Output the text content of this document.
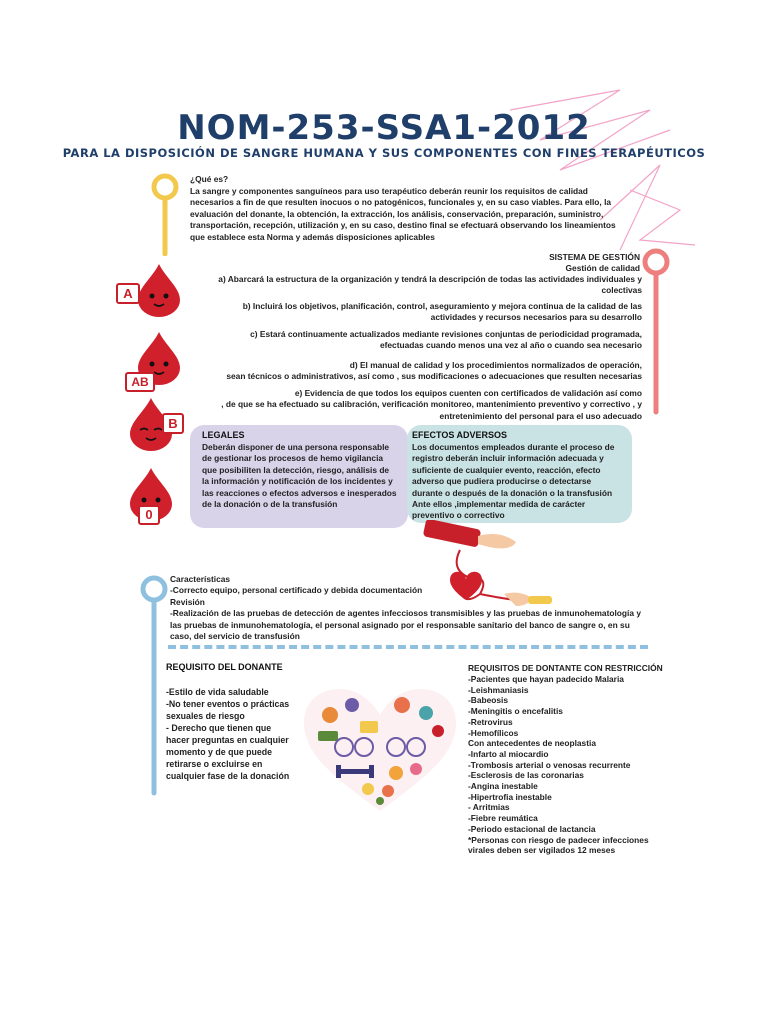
NOM-253-SSA1-2012
PARA LA DISPOSICIÓN DE SANGRE HUMANA Y SUS COMPONENTES CON FINES TERAPÉUTICOS
¿Qué es?
La sangre y componentes sanguíneos para uso terapéutico deberán reunir los requisitos de calidad
necesarios a fin de que resulten inocuos o no patogénicos, funcionales y, en su caso viables. Para ello, la
evaluación del donante, la obtención, la extracción, los análisis, conservación, preparación, suministro,
transportación, recepción, utilización y, en su caso, destino final se efectuará observando los lineamientos
que establece esta Norma y además disposiciones aplicables
SISTEMA DE GESTIÓN
Gestión de calidad
a) Abarcará la estructura de la organización y tendrá la descripción de todas las actividades individuales y
colectivas
b) Incluirá los objetivos, planificación, control, aseguramiento y mejora continua de la calidad de las
actividades y recursos necesarios para su desarrollo
c) Estará continuamente actualizados mediante revisiones conjuntas de periodicidad programada,
efectuadas cuando menos una vez al año o cuando sea necesario
d) El manual de calidad y los procedimientos normalizados de operación,
sean técnicos o administrativos, así como , sus modificaciones o adecuaciones que resulten necesarias
e) Evidencia de que todos los equipos cuenten con certificados de validación así como
, de que se ha efectuado su calibración, verificación monitoreo, mantenimiento preventivo y correctivo , y
entretenimiento del personal para el uso adecuado
A
AB
B
0
LEGALES
Deberán disponer de una persona responsable
de gestionar los procesos de hemo vigilancia
que posibiliten la detección, riesgo, análisis de
la información y notificación de los incidentes y
las reacciones o efectos adversos e inesperados
de la donación o de la transfusión
EFECTOS ADVERSOS
Los documentos empleados durante el proceso de
registro deberán incluir información adecuada y
suficiente de cualquier evento, reacción, efecto
adverso que pudiera producirse o detectarse
durante o después de la donación o la transfusión
Ante ellos ,implementar medida de carácter
preventivo o correctivo
Características
-Correcto equipo, personal certificado y debida documentación
Revisión
-Realización de las pruebas de detección de agentes infecciosos transmisibles y las pruebas de inmunohematología y
las pruebas de inmunohematología, el personal asignado por el responsable sanitario del banco de sangre o, en su
caso, del servicio de transfusión
REQUISITO DEL DONANTE
-Estilo de vida saludable
-No tener eventos o prácticas
sexuales de riesgo
- Derecho que tienen que
hacer preguntas en cualquier
momento y de que puede
retirarse o excluirse en
cualquier fase de la donación
REQUISITOS DE DONTANTE CON RESTRICCIÓN
-Pacientes que hayan padecido Malaria
-Leishmaniasis
-Babeosis
-Meningitis o encefalitis
-Retrovirus
-Hemofílicos
Con antecedentes de neoplastia
-Infarto al miocardio
-Trombosis arterial o venosas recurrente
-Esclerosis de las coronarias
-Angina inestable
-Hipertrofia inestable
- Arritmias
-Fiebre reumática
-Periodo estacional de lactancia
*Personas con riesgo de padecer infecciones
virales deben ser vigilados 12 meses
